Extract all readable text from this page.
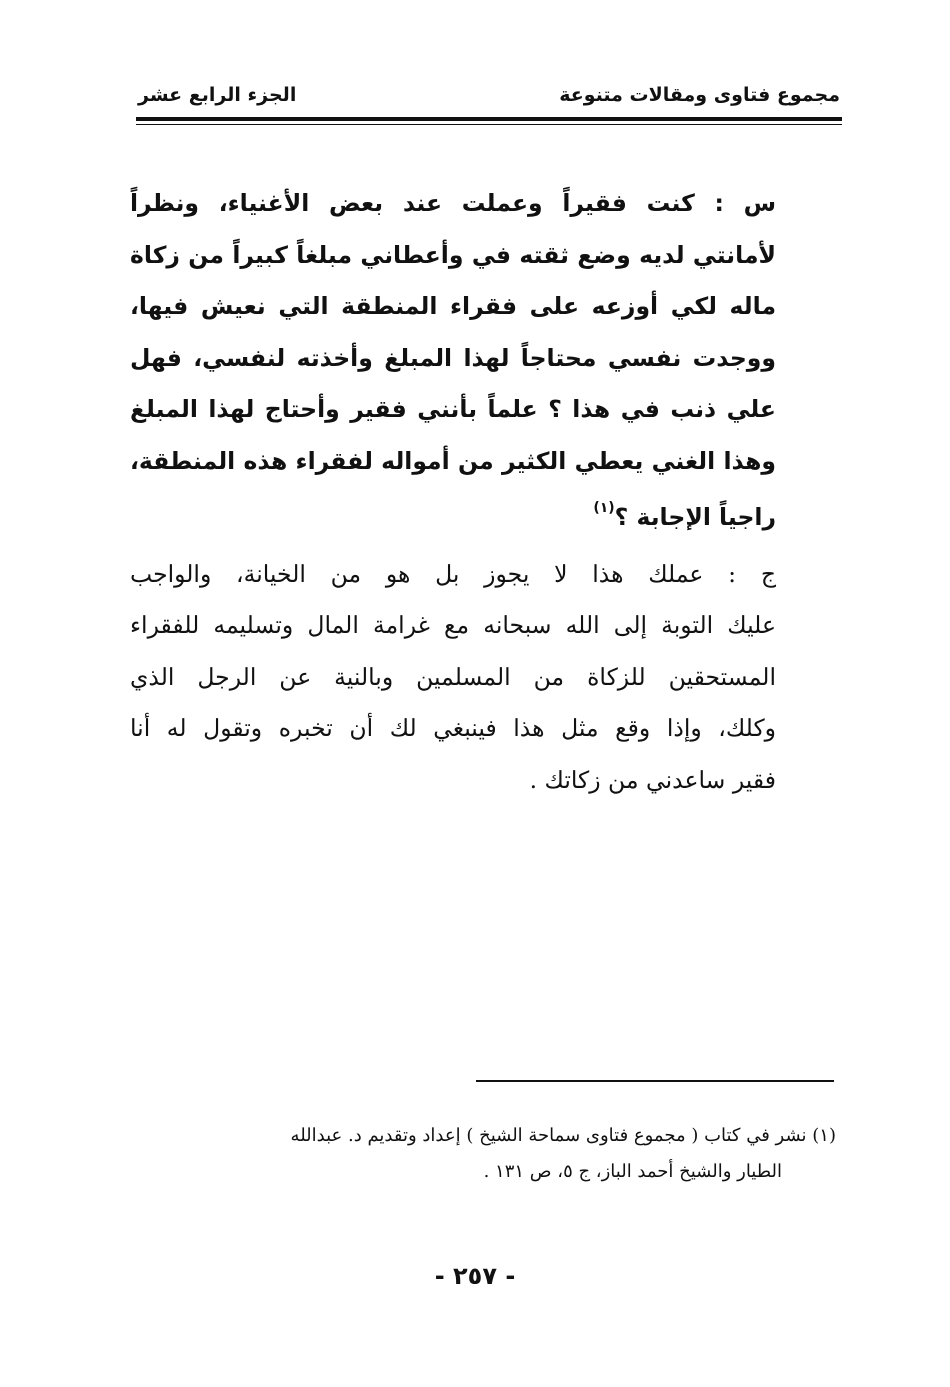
مجموع فتاوى ومقالات متنوعة
الجزء الرابع عشر
س : كنت فقيراً وعملت عند بعض الأغنياء، ونظراً
لأمانتي لديه وضع ثقته في وأعطاني مبلغاً كبيراً من زكاة
ماله لكي أوزعه على فقراء المنطقة التي نعيش فيها،
ووجدت نفسي محتاجاً لهذا المبلغ وأخذته لنفسي، فهل
علي ذنب في هذا ؟ علماً بأنني فقير وأحتاج لهذا المبلغ
وهذا الغني يعطي الكثير من أمواله لفقراء هذه المنطقة،
راجياً الإجابة ؟$^{(١)}$
ج : عملك هذا لا يجوز بل هو من الخيانة، والواجب
عليك التوبة إلى الله سبحانه مع غرامة المال وتسليمه للفقراء
المستحقين للزكاة من المسلمين وبالنية عن الرجل الذي
وكلك، وإذا وقع مثل هذا فينبغي لك أن تخبره وتقول له أنا
فقير ساعدني من زكاتك .
(١) نشر في كتاب ( مجموع فتاوى سماحة الشيخ ) إعداد وتقديم د. عبدالله
الطيار والشيخ أحمد الباز، ج ٥، ص ١٣١ .
- ٢٥٧ -
